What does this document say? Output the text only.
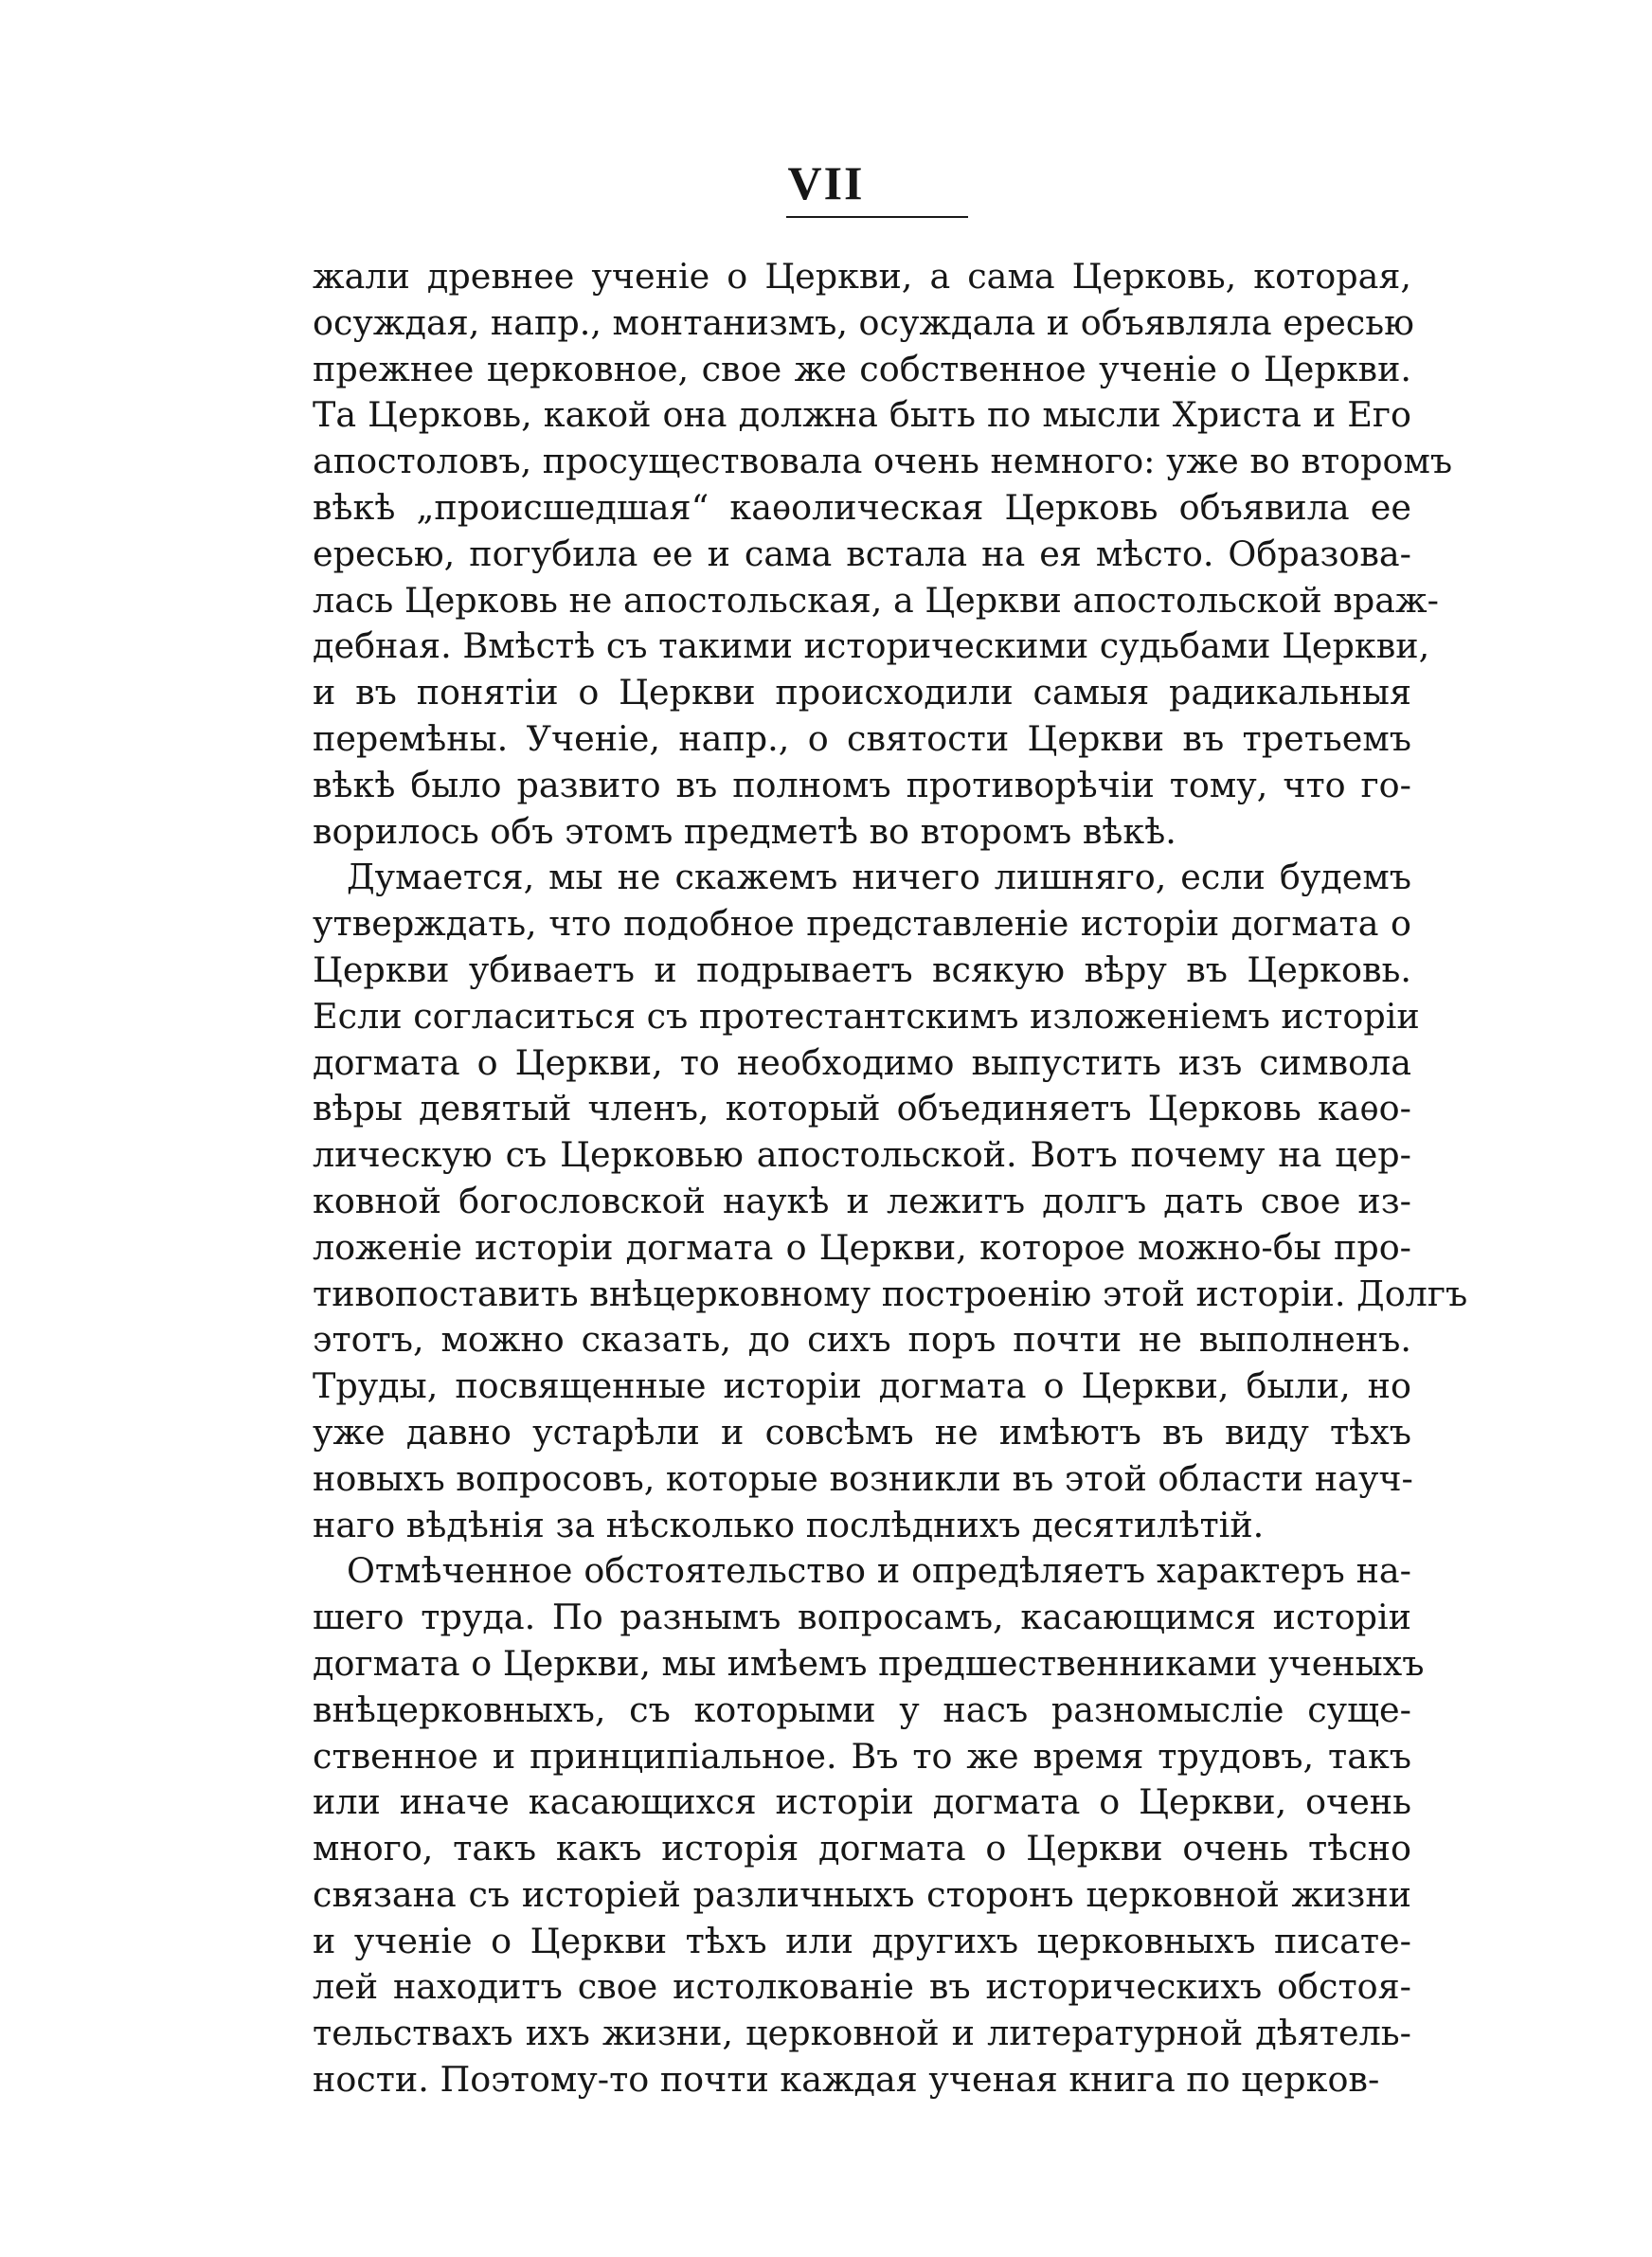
VII
жали древнее ученіе о Церкви, а сама Церковь, которая,
осуждая, напр., монтанизмъ, осуждала и объявляла ересью
прежнее церковное, свое же собственное ученіе о Церкви.
Та Церковь, какой она должна быть по мысли Христа и Его
апостоловъ, просуществовала очень немного: уже во второмъ
вѣкѣ „происшедшая“ каѳолическая Церковь объявила ее
ересью, погубила ее и сама встала на ея мѣсто. Образова-
лась Церковь не апостольская, а Церкви апостольской враж-
дебная. Вмѣстѣ съ такими историческими судьбами Церкви,
и въ понятіи о Церкви происходили самыя радикальныя
перемѣны. Ученіе, напр., о святости Церкви въ третьемъ
вѣкѣ было развито въ полномъ противорѣчіи тому, что го-
ворилось объ этомъ предметѣ во второмъ вѣкѣ.
Думается, мы не скажемъ ничего лишняго, если будемъ
утверждать, что подобное представленіе исторіи догмата о
Церкви убиваетъ и подрываетъ всякую вѣру въ Церковь.
Если согласиться съ протестантскимъ изложеніемъ исторіи
догмата о Церкви, то необходимо выпустить изъ символа
вѣры девятый членъ, который объединяетъ Церковь каѳо-
лическую съ Церковью апостольской. Вотъ почему на цер-
ковной богословской наукѣ и лежитъ долгъ дать свое из-
ложеніе исторіи догмата о Церкви, которое можно-бы про-
тивопоставить внѣцерковному построенію этой исторіи. Долгъ
этотъ, можно сказать, до сихъ поръ почти не выполненъ.
Труды, посвященные исторіи догмата о Церкви, были, но
уже давно устарѣли и совсѣмъ не имѣютъ въ виду тѣхъ
новыхъ вопросовъ, которые возникли въ этой области науч-
наго вѣдѣнія за нѣсколько послѣднихъ десятилѣтій.
Отмѣченное обстоятельство и опредѣляетъ характеръ на-
шего труда. По разнымъ вопросамъ, касающимся исторіи
догмата о Церкви, мы имѣемъ предшественниками ученыхъ
внѣцерковныхъ, съ которыми у насъ разномысліе суще-
ственное и принципіальное. Въ то же время трудовъ, такъ
или иначе касающихся исторіи догмата о Церкви, очень
много, такъ какъ исторія догмата о Церкви очень тѣсно
связана съ исторіей различныхъ сторонъ церковной жизни
и ученіе о Церкви тѣхъ или другихъ церковныхъ писате-
лей находитъ свое истолкованіе въ историческихъ обстоя-
тельствахъ ихъ жизни, церковной и литературной дѣятель-
ности. Поэтому-то почти каждая ученая книга по церков-
